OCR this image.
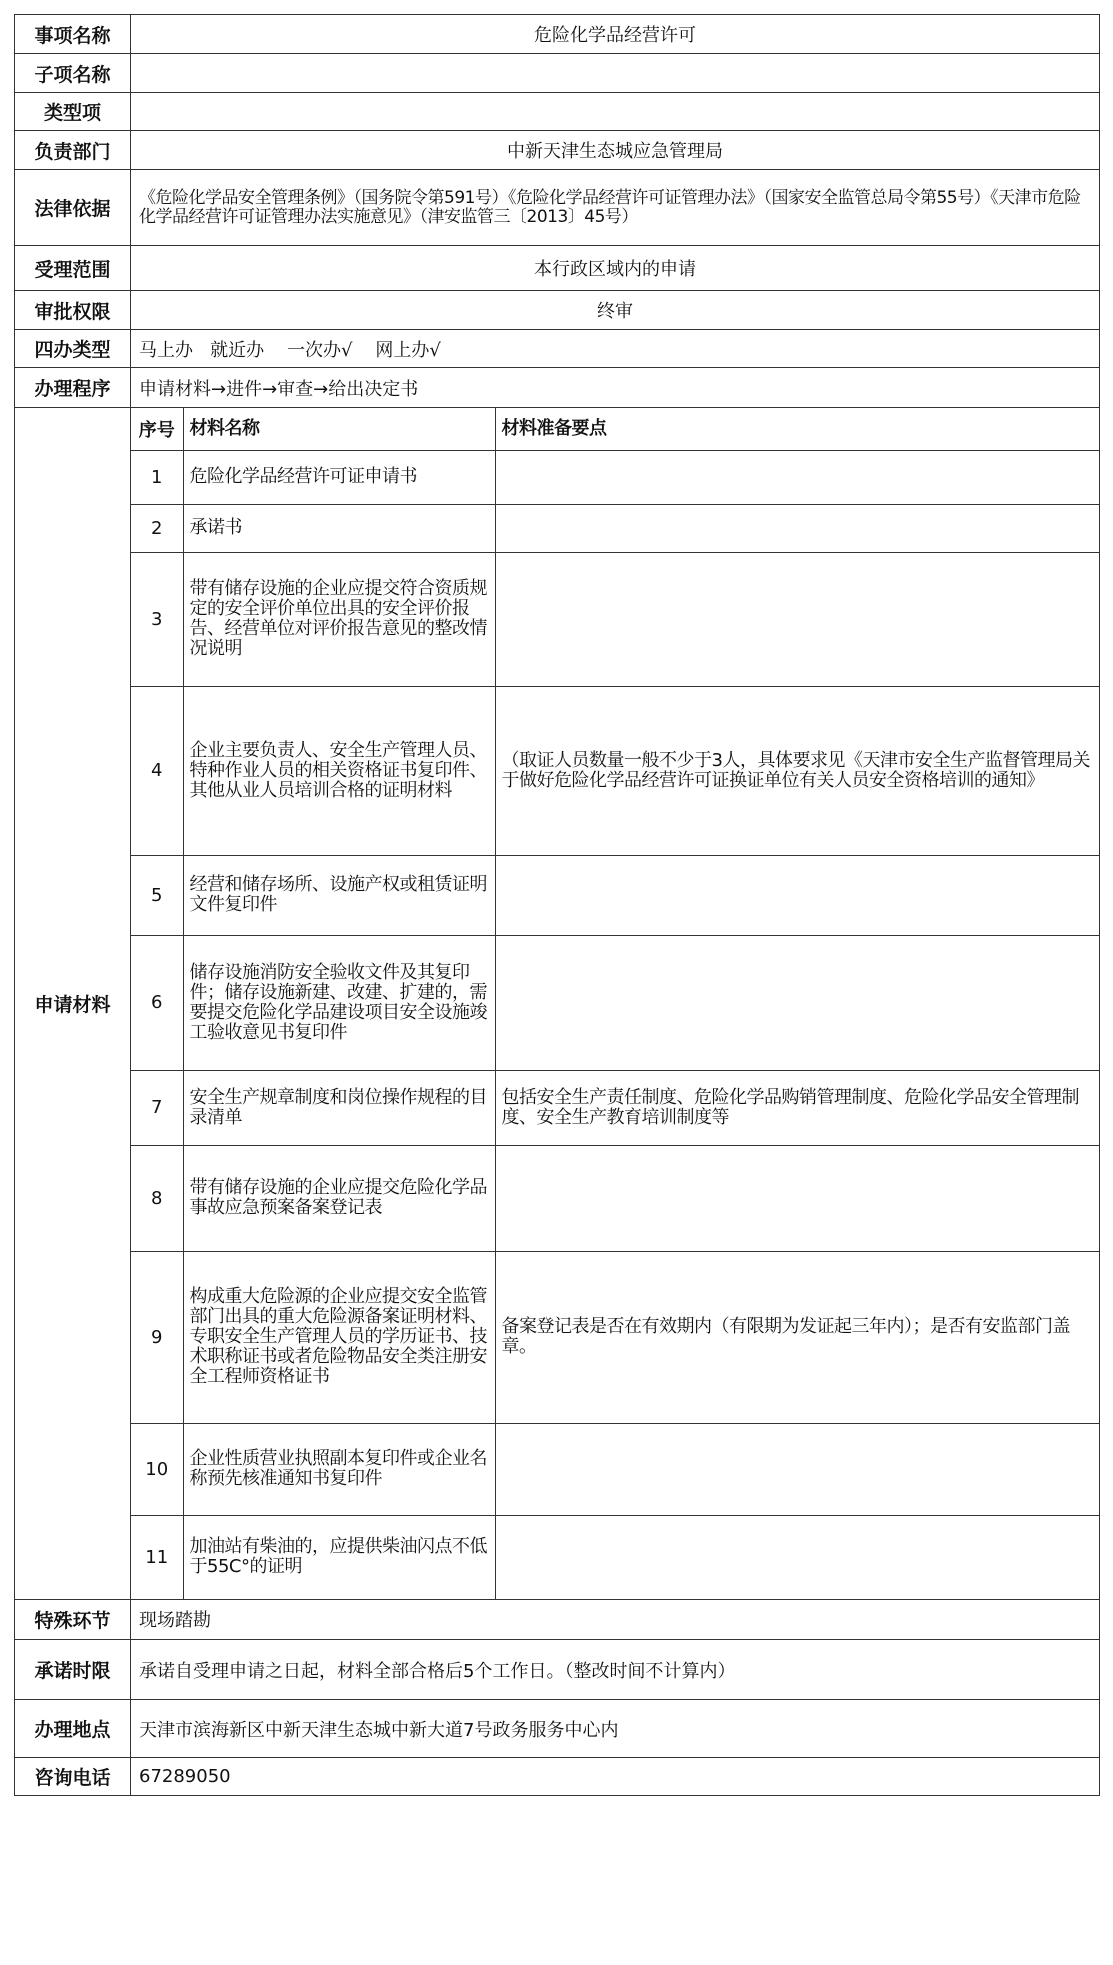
事项名称	危险化学品经营许可
子项名称	
类型项	
负责部门	中新天津生态城应急管理局
法律依据	《危险化学品安全管理条例》（国务院令第591号）《危险化学品经营许可证管理办法》（国家安全监管总局令第55号）《天津市危险化学品经营许可证管理办法实施意见》（津安监管三〔2013〕45号）
受理范围	本行政区域内的申请
审批权限	终审
四办类型	马上办   就近办    一次办√    网上办√
办理程序	申请材料→进件→审查→给出决定书
申请材料	
序号	材料名称	材料准备要点
1	危险化学品经营许可证申请书	
2	承诺书	
3	带有储存设施的企业应提交符合资质规定的安全评价单位出具的安全评价报告、经营单位对评价报告意见的整改情况说明	
4	企业主要负责人、安全生产管理人员、特种作业人员的相关资格证书复印件、其他从业人员培训合格的证明材料	（取证人员数量一般不少于3人，具体要求见《天津市安全生产监督管理局关于做好危险化学品经营许可证换证单位有关人员安全资格培训的通知》
5	经营和储存场所、设施产权或租赁证明文件复印件	
6	储存设施消防安全验收文件及其复印件；储存设施新建、改建、扩建的，需要提交危险化学品建设项目安全设施竣工验收意见书复印件	
7	安全生产规章制度和岗位操作规程的目录清单	包括安全生产责任制度、危险化学品购销管理制度、危险化学品安全管理制度、安全生产教育培训制度等
8	带有储存设施的企业应提交危险化学品事故应急预案备案登记表	
9	构成重大危险源的企业应提交安全监管部门出具的重大危险源备案证明材料、专职安全生产管理人员的学历证书、技术职称证书或者危险物品安全类注册安全工程师资格证书	备案登记表是否在有效期内（有限期为发证起三年内）；是否有安监部门盖章。
10	企业性质营业执照副本复印件或企业名称预先核准通知书复印件	
11	加油站有柴油的，应提供柴油闪点不低于55C°的证明	

特殊环节	现场踏勘
承诺时限	承诺自受理申请之日起，材料全部合格后5个工作日。（整改时间不计算内）
办理地点	天津市滨海新区中新天津生态城中新大道7号政务服务中心内
咨询电话	67289050
